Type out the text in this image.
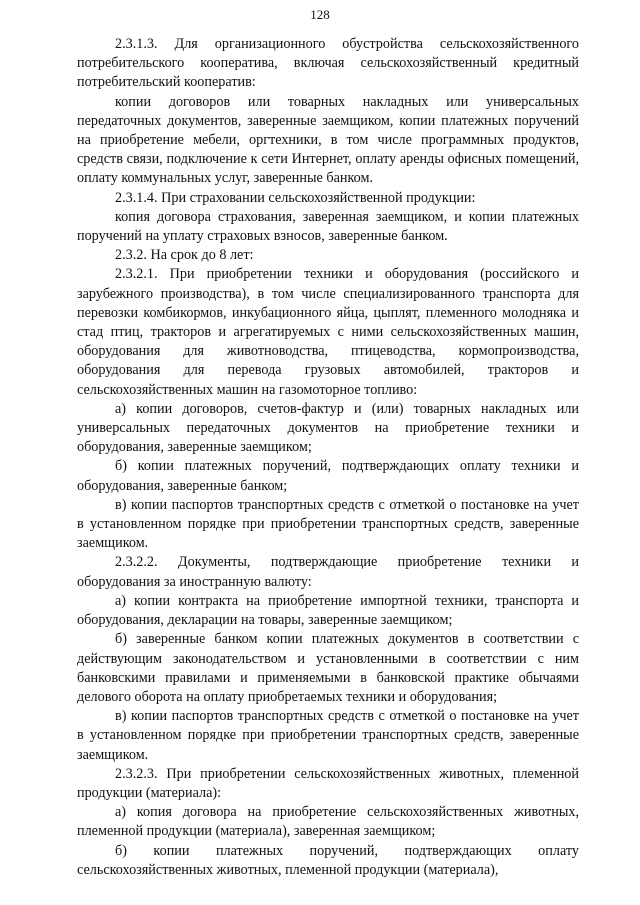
128

2.3.1.3. Для организационного обустройства сельскохозяйственного потребительского кооператива, включая сельскохозяйственный кредитный потребительский кооператив:

копии договоров или товарных накладных или универсальных передаточных документов, заверенные заемщиком, копии платежных поручений на приобретение мебели, оргтехники, в том числе программных продуктов, средств связи, подключение к сети Интернет, оплату аренды офисных помещений, оплату коммунальных услуг, заверенные банком.

2.3.1.4. При страховании сельскохозяйственной продукции:

копия договора страхования, заверенная заемщиком, и копии платежных поручений на уплату страховых взносов, заверенные банком.

2.3.2. На срок до 8 лет:

2.3.2.1. При приобретении техники и оборудования (российского и зарубежного производства), в том числе специализированного транспорта для перевозки комбикормов, инкубационного яйца, цыплят, племенного молодняка и стад птиц, тракторов и агрегатируемых с ними сельскохозяйственных машин, оборудования для животноводства, птицеводства, кормопроизводства, оборудования для перевода грузовых автомобилей, тракторов и сельскохозяйственных машин на газомоторное топливо:

а) копии договоров, счетов-фактур и (или) товарных накладных или универсальных передаточных документов на приобретение техники и оборудования, заверенные заемщиком;

б) копии платежных поручений, подтверждающих оплату техники и оборудования, заверенные банком;

в) копии паспортов транспортных средств с отметкой о постановке на учет в установленном порядке при приобретении транспортных средств, заверенные заемщиком.

2.3.2.2. Документы, подтверждающие приобретение техники и оборудования за иностранную валюту:

а) копии контракта на приобретение импортной техники, транспорта и оборудования, декларации на товары, заверенные заемщиком;

б) заверенные банком копии платежных документов в соответствии с действующим законодательством и установленными в соответствии с ним банковскими правилами и применяемыми в банковской практике обычаями делового оборота на оплату приобретаемых техники и оборудования;

в) копии паспортов транспортных средств с отметкой о постановке на учет в установленном порядке при приобретении транспортных средств, заверенные заемщиком.

2.3.2.3. При приобретении сельскохозяйственных животных, племенной продукции (материала):

а) копия договора на приобретение сельскохозяйственных животных, племенной продукции (материала), заверенная заемщиком;

б) копии платежных поручений, подтверждающих оплату сельскохозяйственных животных, племенной продукции (материала),
